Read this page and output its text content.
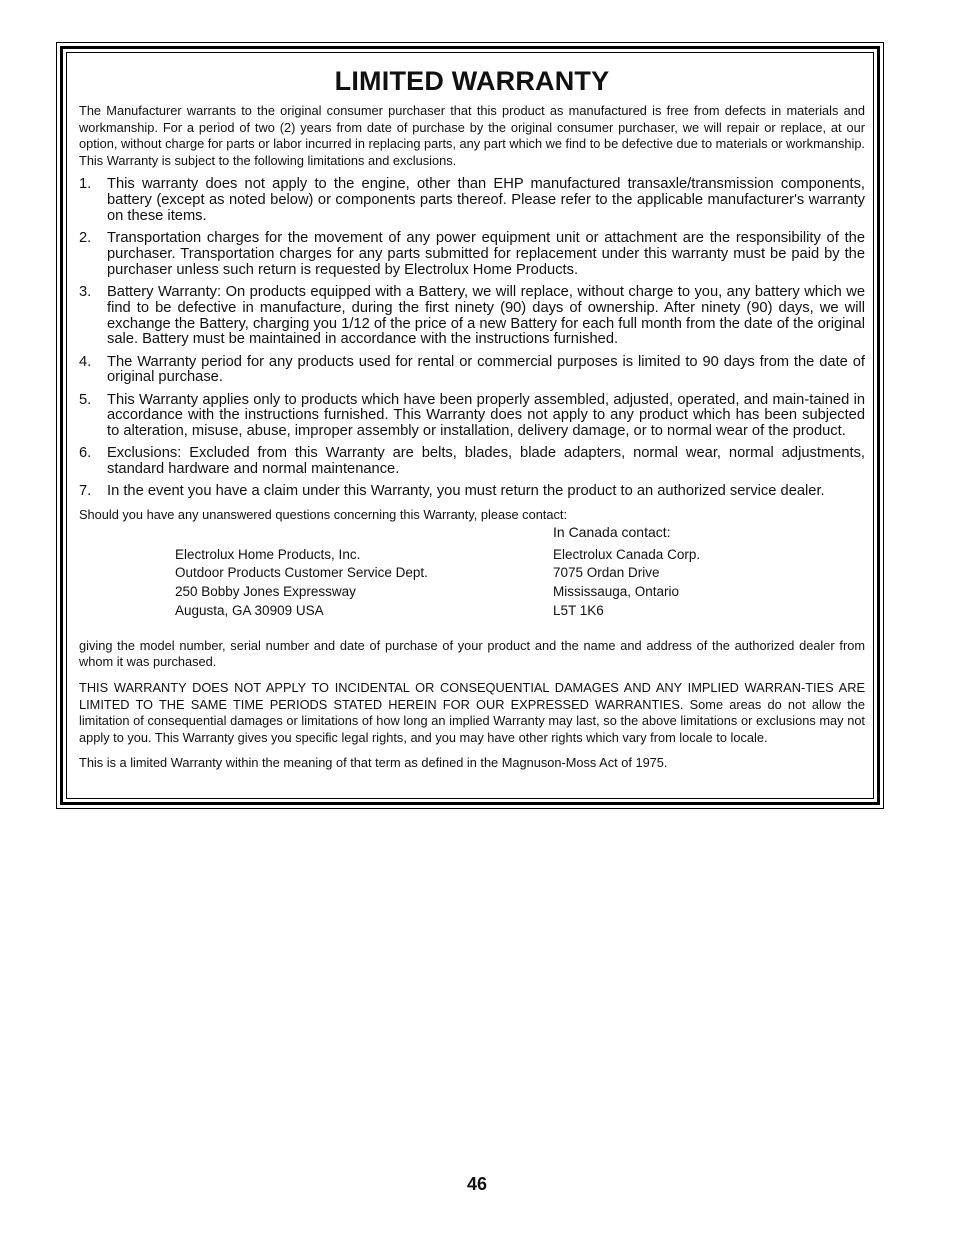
LIMITED WARRANTY

The Manufacturer warrants to the original consumer purchaser that this product as manufactured is free from defects in materials and workmanship. For a period of two (2) years from date of purchase by the original consumer purchaser, we will repair or replace, at our option, without charge for parts or labor incurred in replacing parts, any part which we find to be defective due to materials or workmanship. This Warranty is subject to the following limitations and exclusions.

1. This warranty does not apply to the engine, other than EHP manufactured transaxle/transmission components, battery (except as noted below) or components parts thereof. Please refer to the applicable manufacturer's warranty on these items.
2. Transportation charges for the movement of any power equipment unit or attachment are the responsibility of the purchaser. Transportation charges for any parts submitted for replacement under this warranty must be paid by the purchaser unless such return is requested by Electrolux Home Products.
3. Battery Warranty: On products equipped with a Battery, we will replace, without charge to you, any battery which we find to be defective in manufacture, during the first ninety (90) days of ownership. After ninety (90) days, we will exchange the Battery, charging you 1/12 of the price of a new Battery for each full month from the date of the original sale. Battery must be maintained in accordance with the instructions furnished.
4. The Warranty period for any products used for rental or commercial purposes is limited to 90 days from the date of original purchase.
5. This Warranty applies only to products which have been properly assembled, adjusted, operated, and main-tained in accordance with the instructions furnished. This Warranty does not apply to any product which has been subjected to alteration, misuse, abuse, improper assembly or installation, delivery damage, or to normal wear of the product.
6. Exclusions: Excluded from this Warranty are belts, blades, blade adapters, normal wear, normal adjustments, standard hardware and normal maintenance.
7. In the event you have a claim under this Warranty, you must return the product to an authorized service dealer.

Should you have any unanswered questions concerning this Warranty, please contact:

In Canada contact:

Electrolux Home Products, Inc.
Outdoor Products Customer Service Dept.
250 Bobby Jones Expressway
Augusta, GA 30909 USA
Electrolux Canada Corp.
7075 Ordan Drive
Mississauga, Ontario
L5T 1K6

giving the model number, serial number and date of purchase of your product and the name and address of the authorized dealer from whom it was purchased.

THIS WARRANTY DOES NOT APPLY TO INCIDENTAL OR CONSEQUENTIAL DAMAGES AND ANY IMPLIED WARRAN-TIES ARE LIMITED TO THE SAME TIME PERIODS STATED HEREIN FOR OUR EXPRESSED WARRANTIES. Some areas do not allow the limitation of consequential damages or limitations of how long an implied Warranty may last, so the above limitations or exclusions may not apply to you. This Warranty gives you specific legal rights, and you may have other rights which vary from locale to locale.

This is a limited Warranty within the meaning of that term as defined in the Magnuson-Moss Act of 1975.

46
